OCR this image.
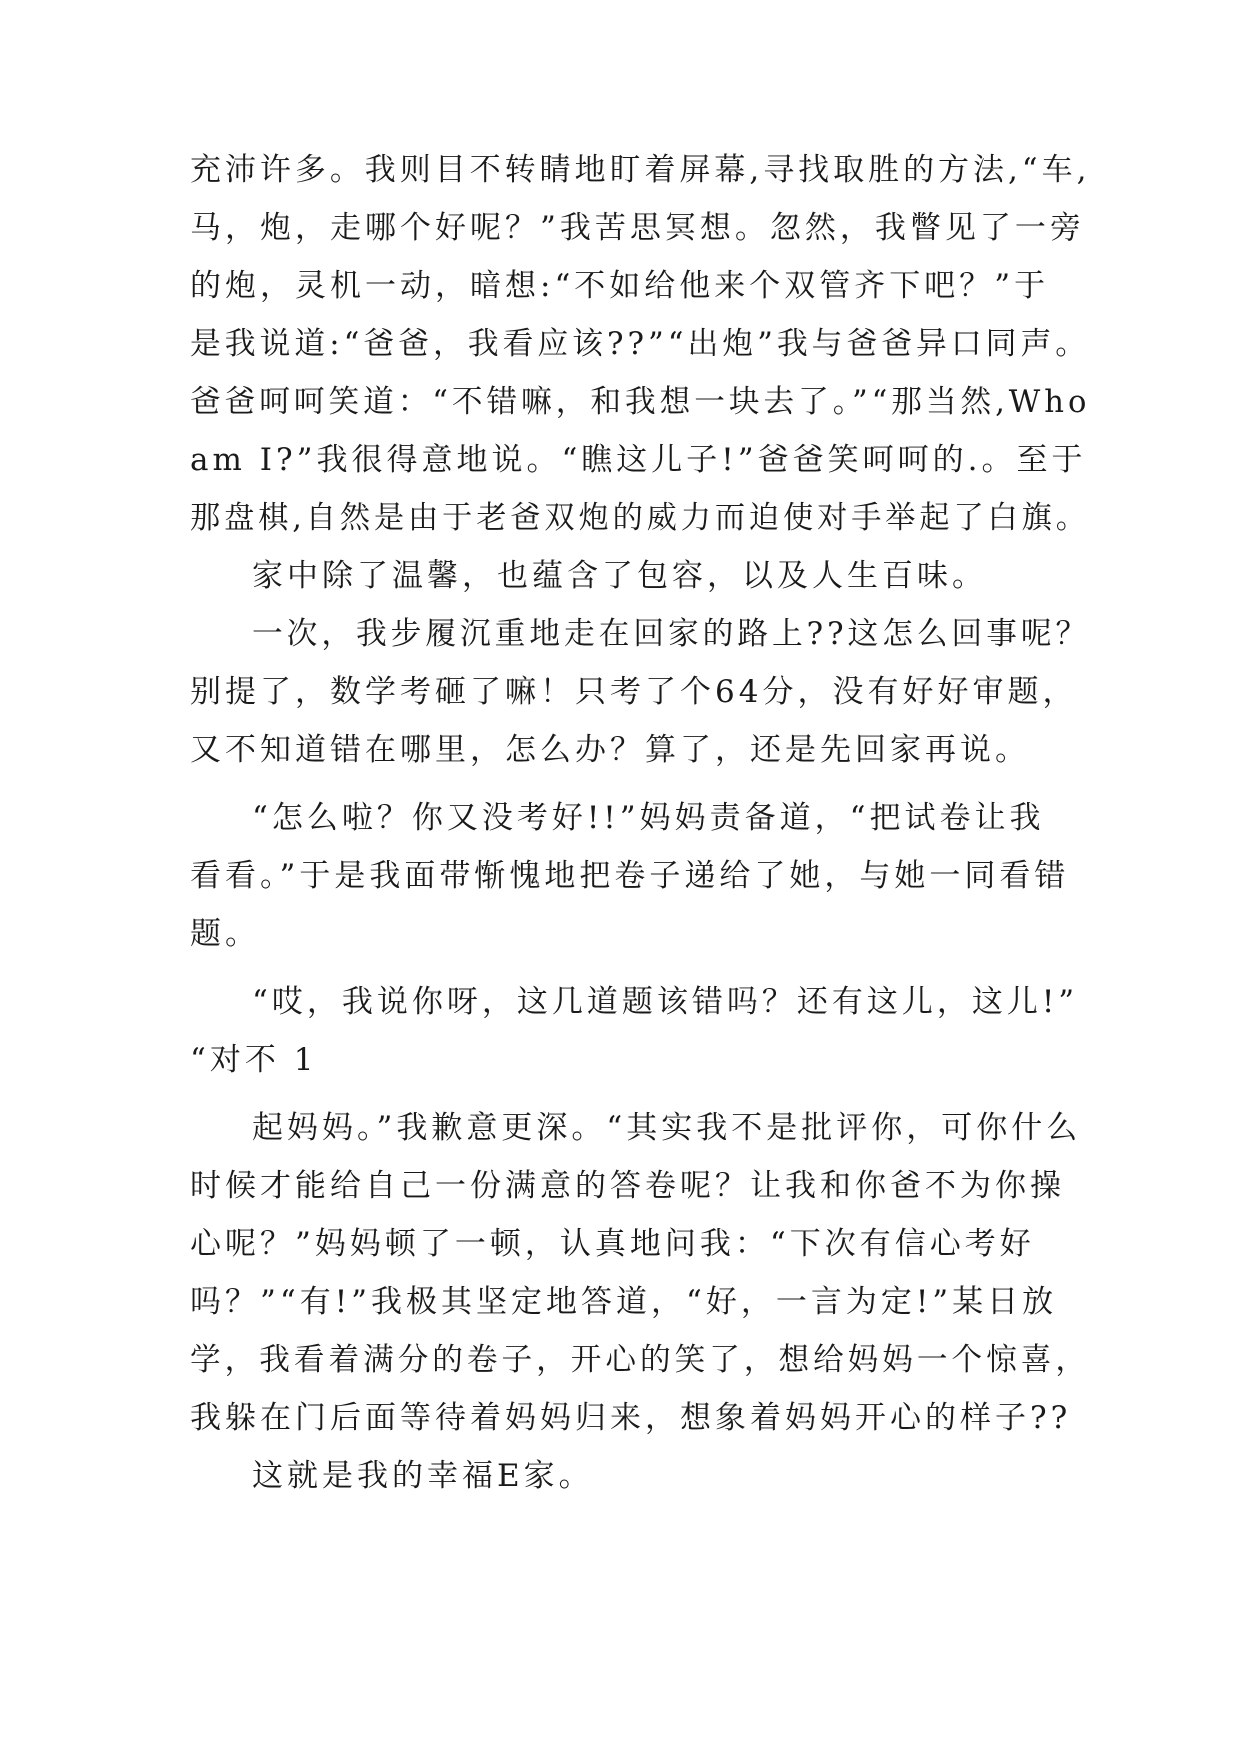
充沛许多。我则目不转睛地盯着屏幕,寻找取胜的方法,“车,
马，炮，走哪个好呢？”我苦思冥想。忽然，我瞥见了一旁
的炮，灵机一动，暗想:“不如给他来个双管齐下吧？”于
是我说道:“爸爸，我看应该??”“出炮”我与爸爸异口同声。
爸爸呵呵笑道：“不错嘛，和我想一块去了。”“那当然,Who
am I?”我很得意地说。“瞧这儿子!”爸爸笑呵呵的.。至于
那盘棋,自然是由于老爸双炮的威力而迫使对手举起了白旗。
家中除了温馨，也蕴含了包容，以及人生百味。
一次，我步履沉重地走在回家的路上??这怎么回事呢？
别提了，数学考砸了嘛！只考了个64分，没有好好审题，
又不知道错在哪里，怎么办？算了，还是先回家再说。
“怎么啦？你又没考好!!”妈妈责备道，“把试卷让我
看看。”于是我面带惭愧地把卷子递给了她，与她一同看错
题。
“哎，我说你呀，这几道题该错吗？还有这儿，这儿!”
“对不 1
起妈妈。”我歉意更深。“其实我不是批评你，可你什么
时候才能给自己一份满意的答卷呢？让我和你爸不为你操
心呢？”妈妈顿了一顿，认真地问我：“下次有信心考好
吗？”“有!”我极其坚定地答道，“好，一言为定!”某日放
学，我看着满分的卷子，开心的笑了，想给妈妈一个惊喜，
我躲在门后面等待着妈妈归来，想象着妈妈开心的样子??
这就是我的幸福E家。
